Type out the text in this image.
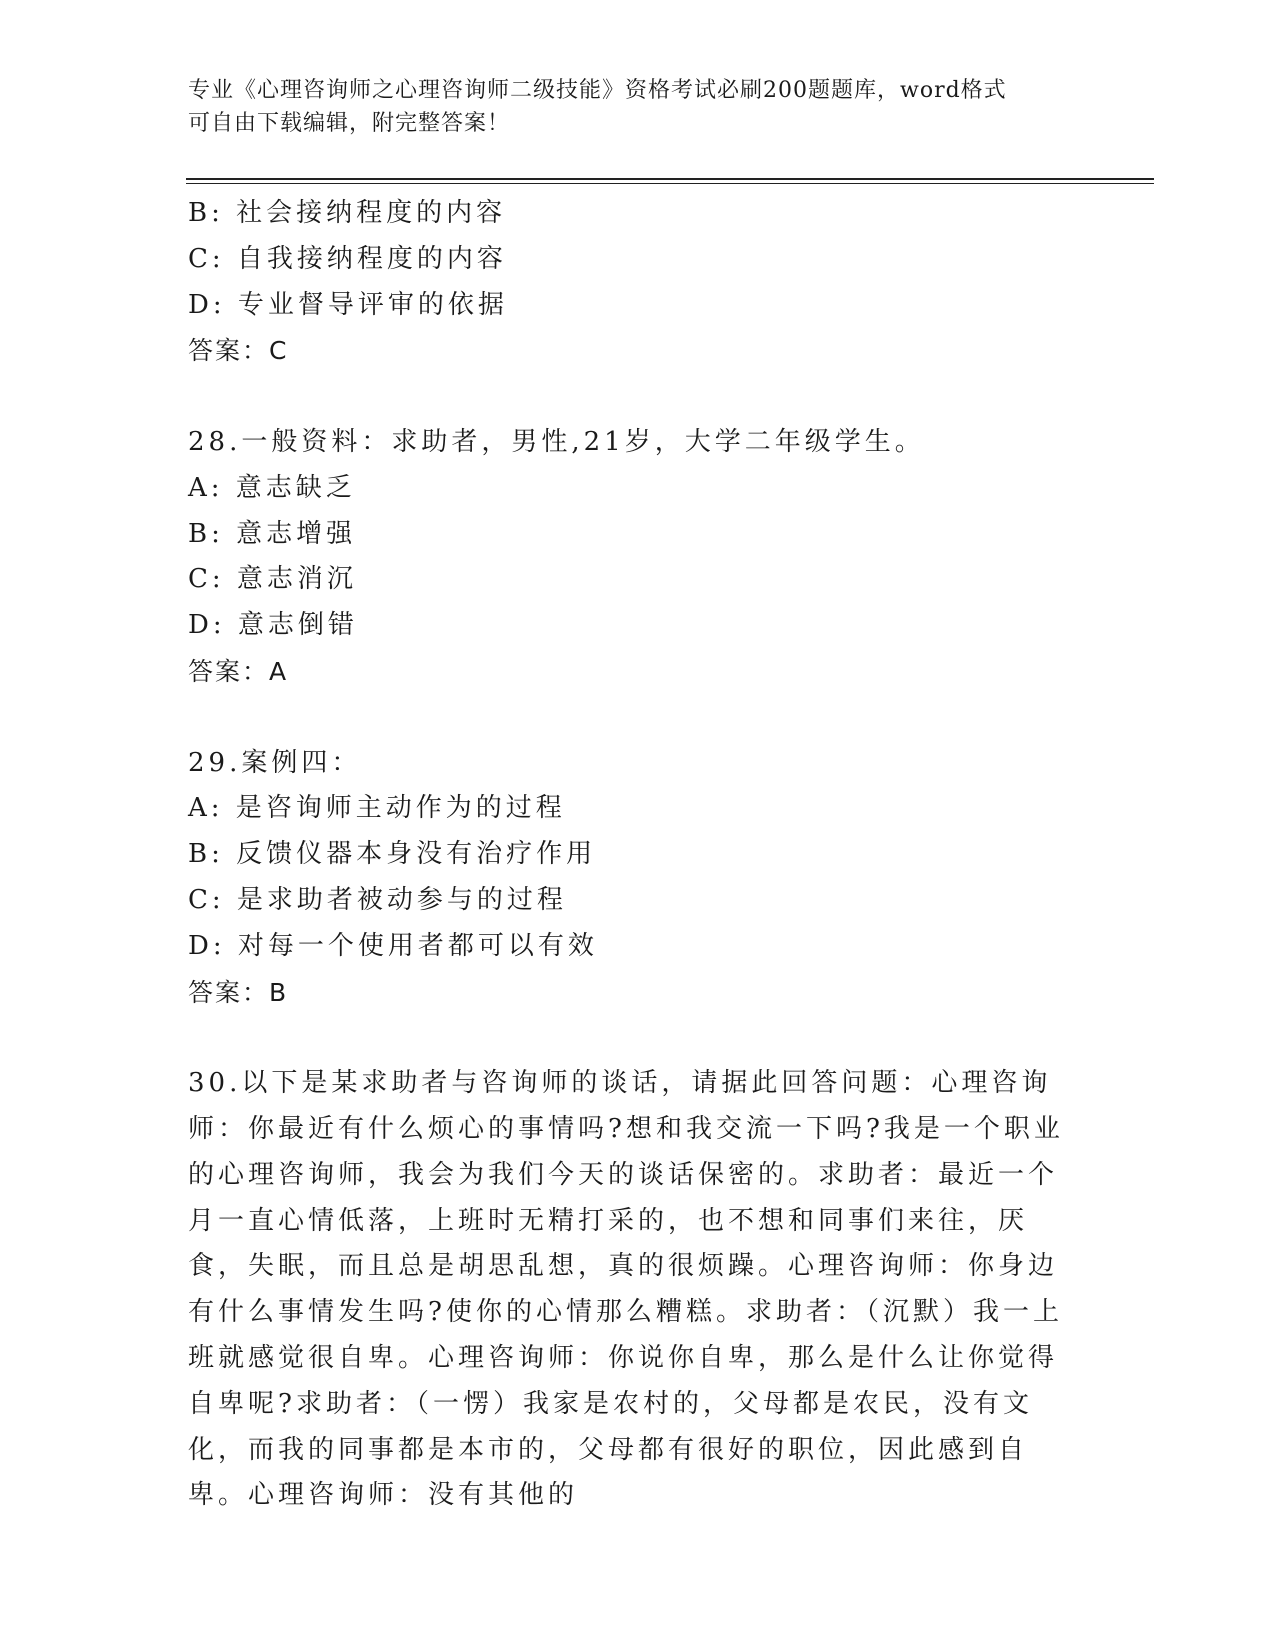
专业《心理咨询师之心理咨询师二级技能》资格考试必刷200题题库，word格式
可自由下载编辑，附完整答案！
B: 社会接纳程度的内容
C: 自我接纳程度的内容
D: 专业督导评审的依据
答案：C
28.一般资料：求助者，男性,21岁，大学二年级学生。
A: 意志缺乏
B: 意志增强
C: 意志消沉
D: 意志倒错
答案：A
29.案例四：
A: 是咨询师主动作为的过程
B: 反馈仪器本身没有治疗作用
C: 是求助者被动参与的过程
D: 对每一个使用者都可以有效
答案：B
30.以下是某求助者与咨询师的谈话，请据此回答问题：心理咨询师：你最近有什么烦心的事情吗?想和我交流一下吗?我是一个职业的心理咨询师，我会为我们今天的谈话保密的。求助者：最近一个月一直心情低落，上班时无精打采的，也不想和同事们来往，厌食，失眠，而且总是胡思乱想，真的很烦躁。心理咨询师：你身边有什么事情发生吗?使你的心情那么糟糕。求助者：（沉默）我一上班就感觉很自卑。心理咨询师：你说你自卑，那么是什么让你觉得自卑呢?求助者：（一愣）我家是农村的，父母都是农民，没有文化，而我的同事都是本市的，父母都有很好的职位，因此感到自卑。心理咨询师：没有其他的
